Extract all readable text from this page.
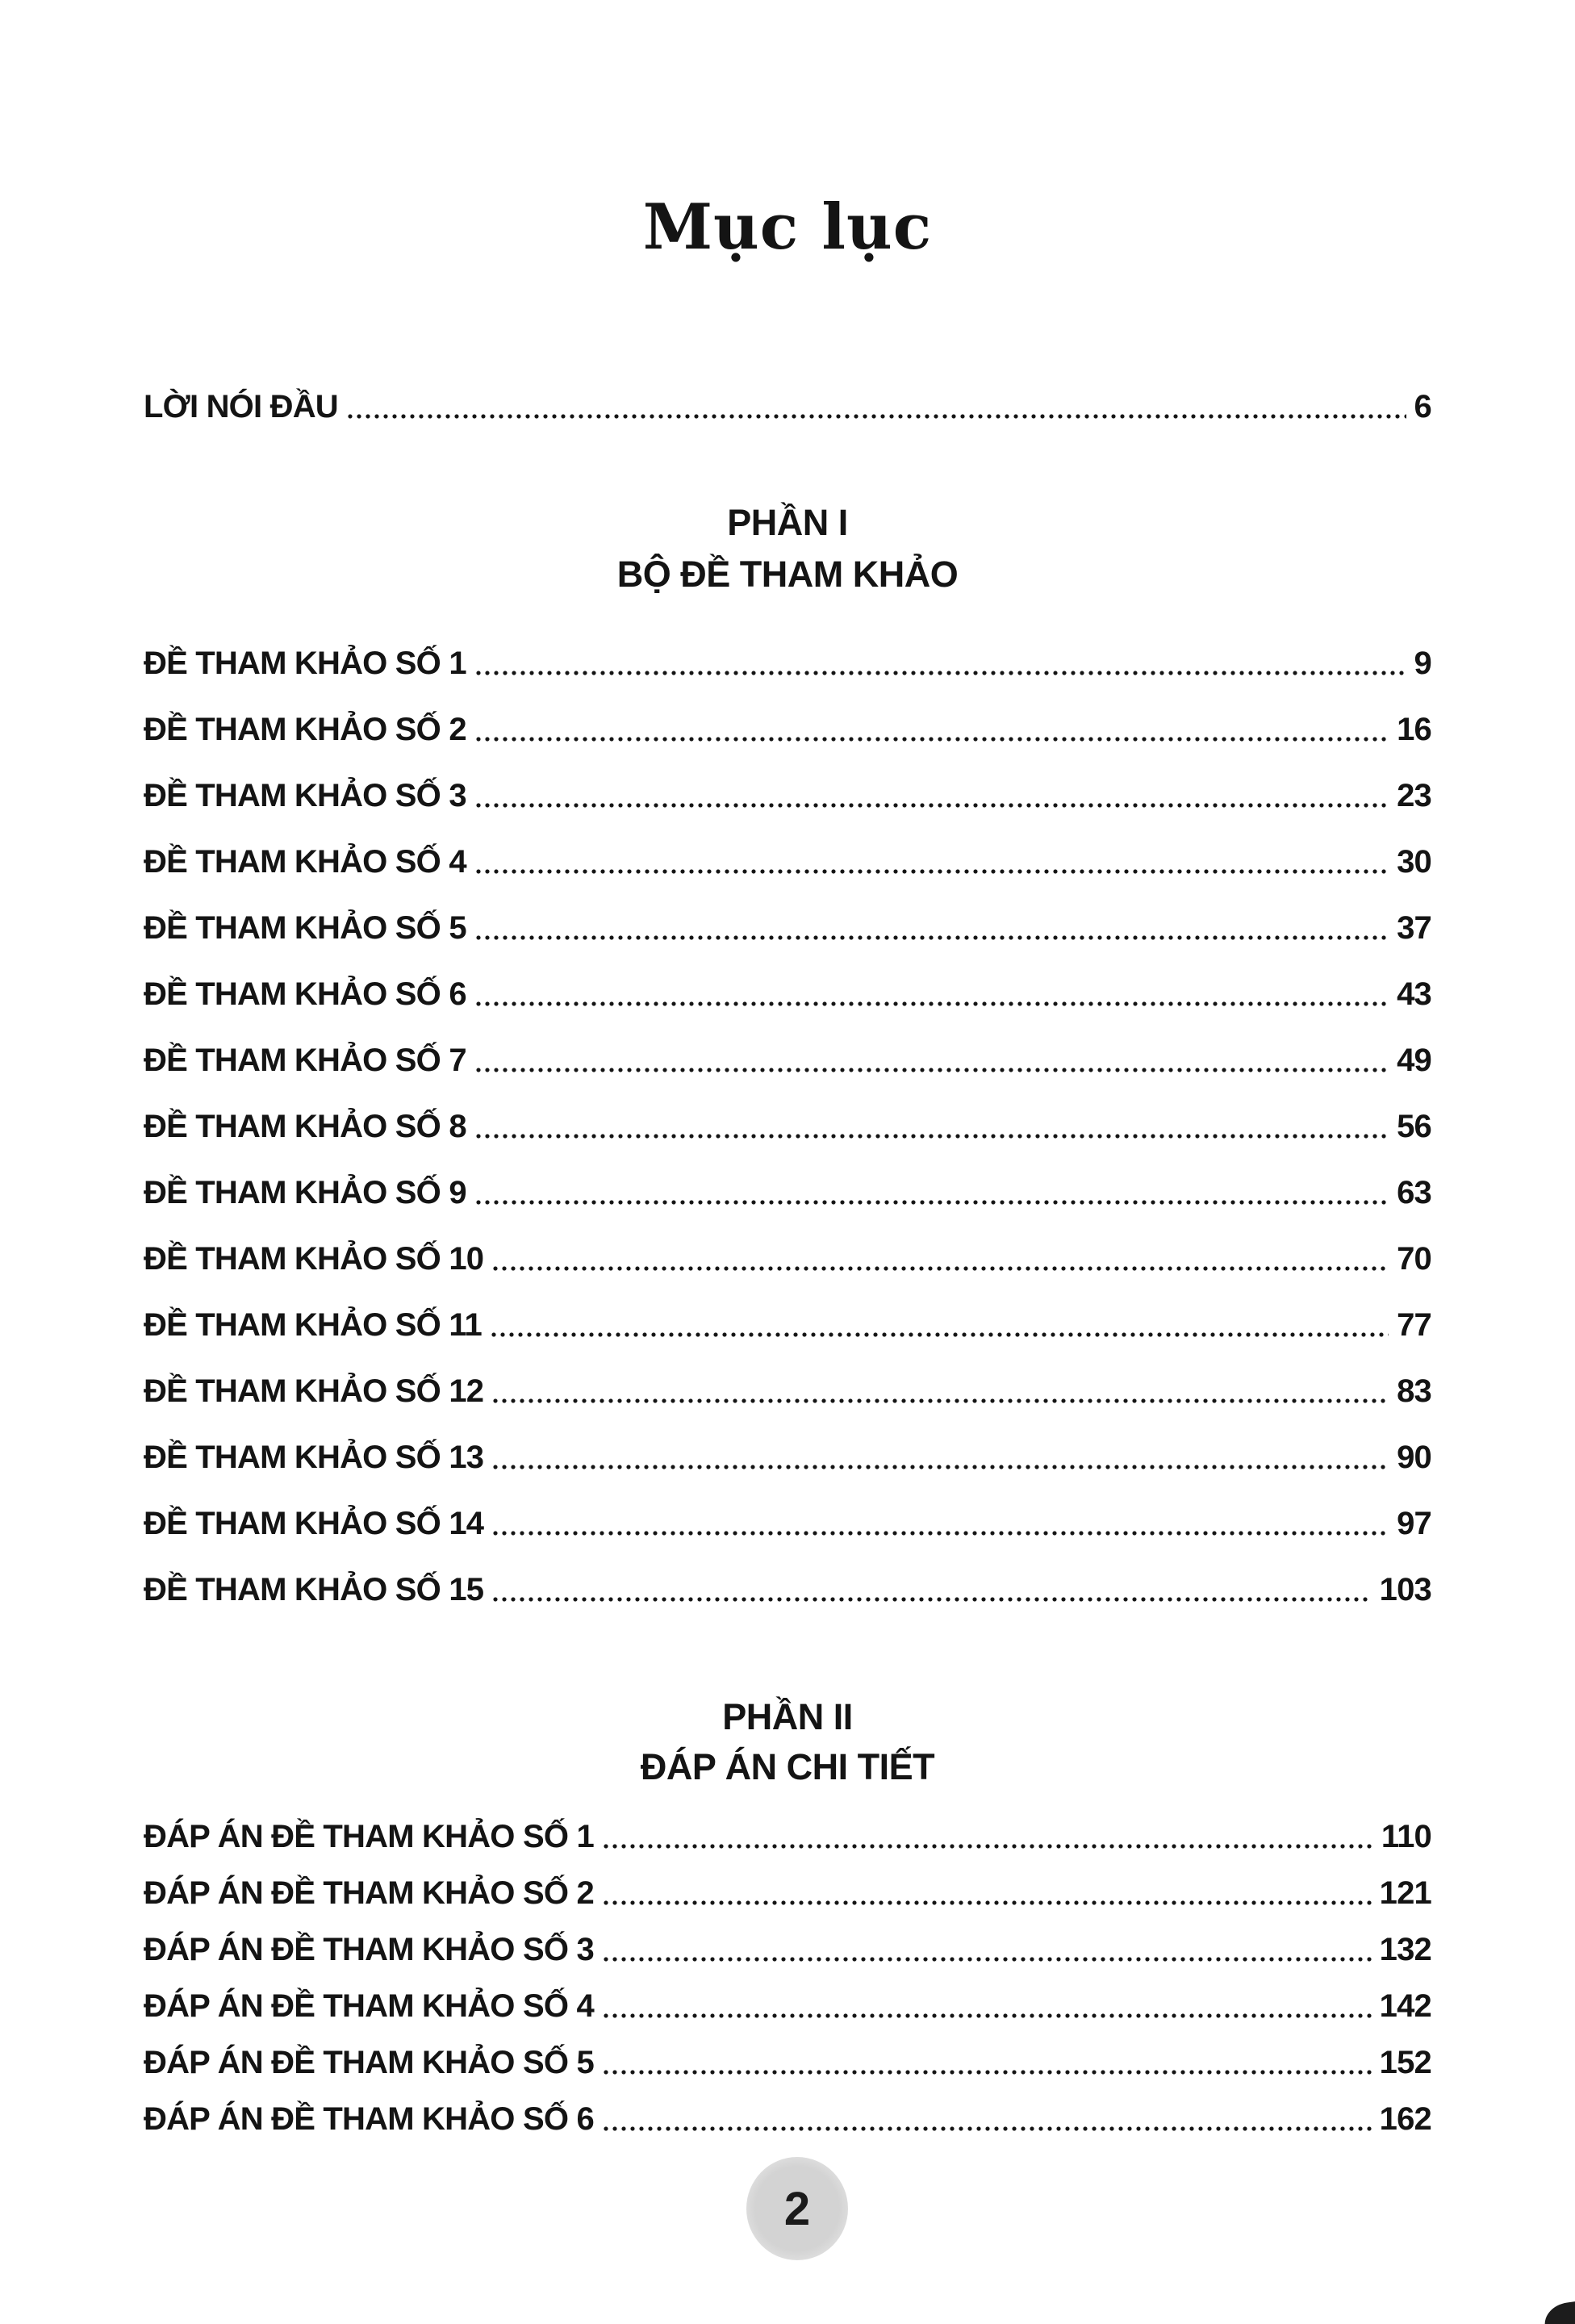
Mục lục
LỜI NÓI ĐẦU	6
PHẦN I
BỘ ĐỀ THAM KHẢO
ĐỀ THAM KHẢO SỐ 1	9
ĐỀ THAM KHẢO SỐ 2	16
ĐỀ THAM KHẢO SỐ 3	23
ĐỀ THAM KHẢO SỐ 4	30
ĐỀ THAM KHẢO SỐ 5	37
ĐỀ THAM KHẢO SỐ 6	43
ĐỀ THAM KHẢO SỐ 7	49
ĐỀ THAM KHẢO SỐ 8	56
ĐỀ THAM KHẢO SỐ 9	63
ĐỀ THAM KHẢO SỐ 10	70
ĐỀ THAM KHẢO SỐ 11	77
ĐỀ THAM KHẢO SỐ 12	83
ĐỀ THAM KHẢO SỐ 13	90
ĐỀ THAM KHẢO SỐ 14	97
ĐỀ THAM KHẢO SỐ 15	103
PHẦN II
ĐÁP ÁN CHI TIẾT
ĐÁP ÁN ĐỀ THAM KHẢO SỐ 1	110
ĐÁP ÁN ĐỀ THAM KHẢO SỐ 2	121
ĐÁP ÁN ĐỀ THAM KHẢO SỐ 3	132
ĐÁP ÁN ĐỀ THAM KHẢO SỐ 4	142
ĐÁP ÁN ĐỀ THAM KHẢO SỐ 5	152
ĐÁP ÁN ĐỀ THAM KHẢO SỐ 6	162
2
